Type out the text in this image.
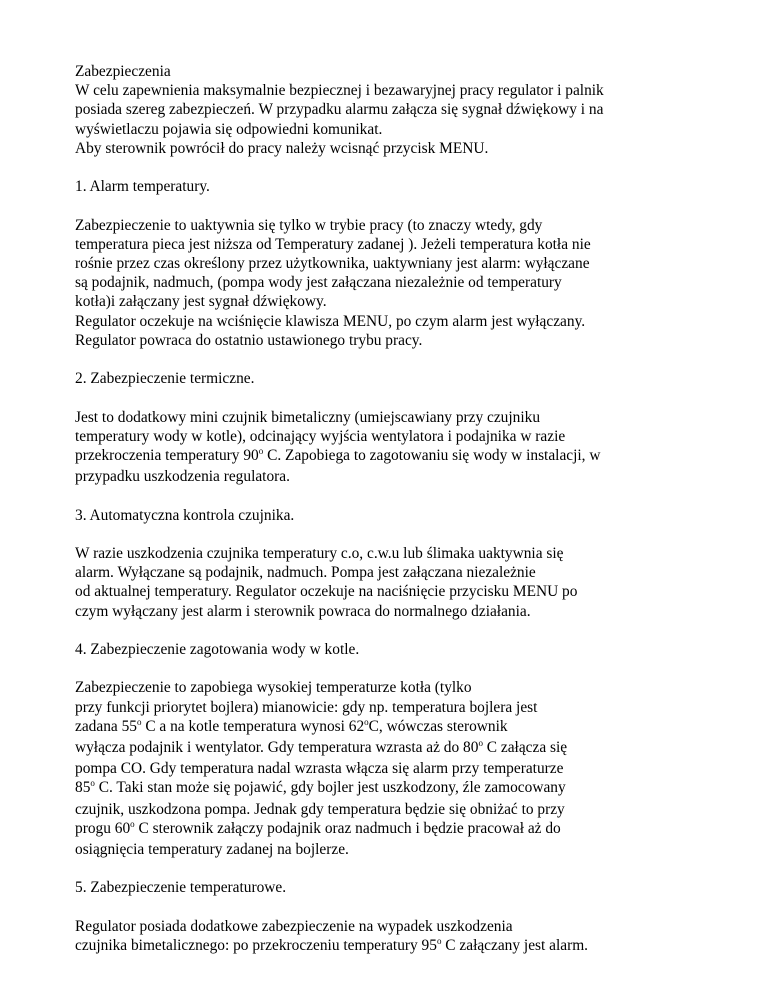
Zabezpieczenia

W celu zapewnienia maksymalnie bezpiecznej i bezawaryjnej pracy regulator i palnik

posiada szereg zabezpieczeń. W przypadku alarmu załącza się sygnał dźwiękowy i na

wyświetlaczu pojawia się odpowiedni komunikat.

Aby sterownik powrócił do pracy należy wcisnąć przycisk MENU.

1. Alarm temperatury.

Zabezpieczenie to uaktywnia się tylko w trybie pracy (to znaczy wtedy, gdy

temperatura pieca jest niższa od Temperatury zadanej ). Jeżeli temperatura kotła nie

rośnie przez czas określony przez użytkownika, uaktywniany jest alarm: wyłączane

są podajnik, nadmuch, (pompa wody jest załączana niezależnie od temperatury

kotła)i załączany jest sygnał dźwiękowy.

Regulator oczekuje na wciśnięcie klawisza MENU, po czym alarm jest wyłączany.

Regulator powraca do ostatnio ustawionego trybu pracy.

2. Zabezpieczenie termiczne.

Jest to dodatkowy mini czujnik bimetaliczny (umiejscawiany przy czujniku

temperatury wody w kotle), odcinający wyjścia wentylatora i podajnika w razie

przekroczenia temperatury 90$^o$ C. Zapobiega to zagotowaniu się wody w instalacji, w

przypadku uszkodzenia regulatora.

3. Automatyczna kontrola czujnika.

W razie uszkodzenia czujnika temperatury c.o, c.w.u lub ślimaka uaktywnia się

alarm. Wyłączane są podajnik, nadmuch. Pompa jest załączana niezależnie

od aktualnej temperatury. Regulator oczekuje na naciśnięcie przycisku MENU po

czym wyłączany jest alarm i sterownik powraca do normalnego działania.

4. Zabezpieczenie zagotowania wody w kotle.

Zabezpieczenie to zapobiega wysokiej temperaturze kotła (tylko

przy funkcji priorytet bojlera) mianowicie: gdy np. temperatura bojlera jest

zadana 55$^o$ C a na kotle temperatura wynosi 62$^o$C, wówczas sterownik

wyłącza podajnik i wentylator. Gdy temperatura wzrasta aż do 80$^o$ C załącza się

pompa CO. Gdy temperatura nadal wzrasta włącza się alarm przy temperaturze

85$^o$ C. Taki stan może się pojawić, gdy bojler jest uszkodzony, źle zamocowany

czujnik, uszkodzona pompa. Jednak gdy temperatura będzie się obniżać to przy

progu 60$^o$ C sterownik załączy podajnik oraz nadmuch i będzie pracował aż do

osiągnięcia temperatury zadanej na bojlerze.

5. Zabezpieczenie temperaturowe.

Regulator posiada dodatkowe zabezpieczenie na wypadek uszkodzenia

czujnika bimetalicznego: po przekroczeniu temperatury 95$^o$ C załączany jest alarm.
